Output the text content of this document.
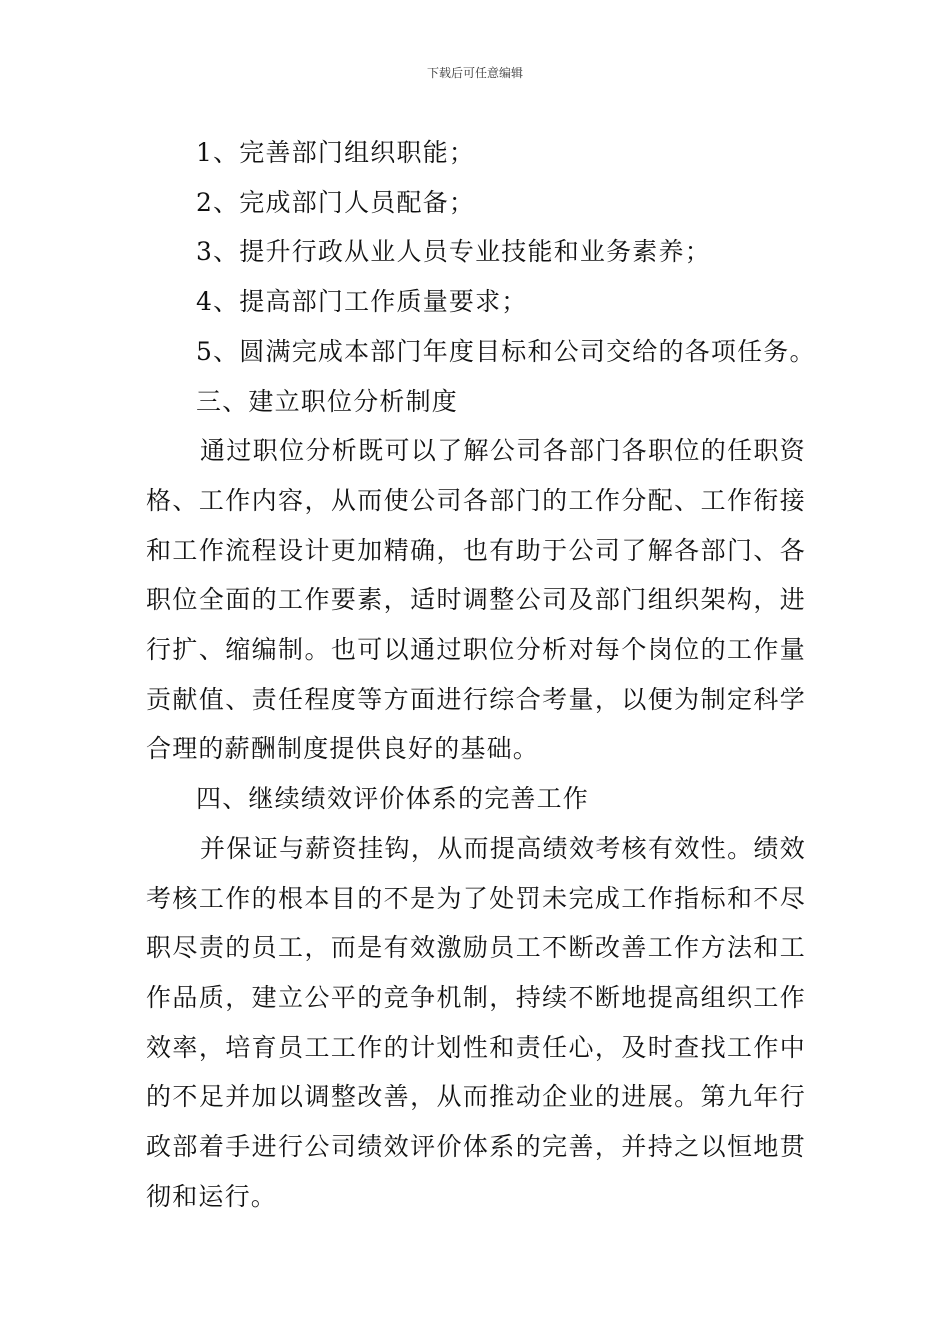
下载后可任意编辑

1、完善部门组织职能；

2、完成部门人员配备；

3、提升行政从业人员专业技能和业务素养；

4、提高部门工作质量要求；

5、圆满完成本部门年度目标和公司交给的各项任务。

三、建立职位分析制度

通过职位分析既可以了解公司各部门各职位的任职资格、工作内容，从而使公司各部门的工作分配、工作衔接和工作流程设计更加精确，也有助于公司了解各部门、各职位全面的工作要素，适时调整公司及部门组织架构，进行扩、缩编制。也可以通过职位分析对每个岗位的工作量贡献值、责任程度等方面进行综合考量，以便为制定科学合理的薪酬制度提供良好的基础。

四、继续绩效评价体系的完善工作

并保证与薪资挂钩，从而提高绩效考核有效性。绩效考核工作的根本目的不是为了处罚未完成工作指标和不尽职尽责的员工，而是有效激励员工不断改善工作方法和工作品质，建立公平的竞争机制，持续不断地提高组织工作效率，培育员工工作的计划性和责任心，及时查找工作中的不足并加以调整改善，从而推动企业的进展。第九年行政部着手进行公司绩效评价体系的完善，并持之以恒地贯彻和运行。
